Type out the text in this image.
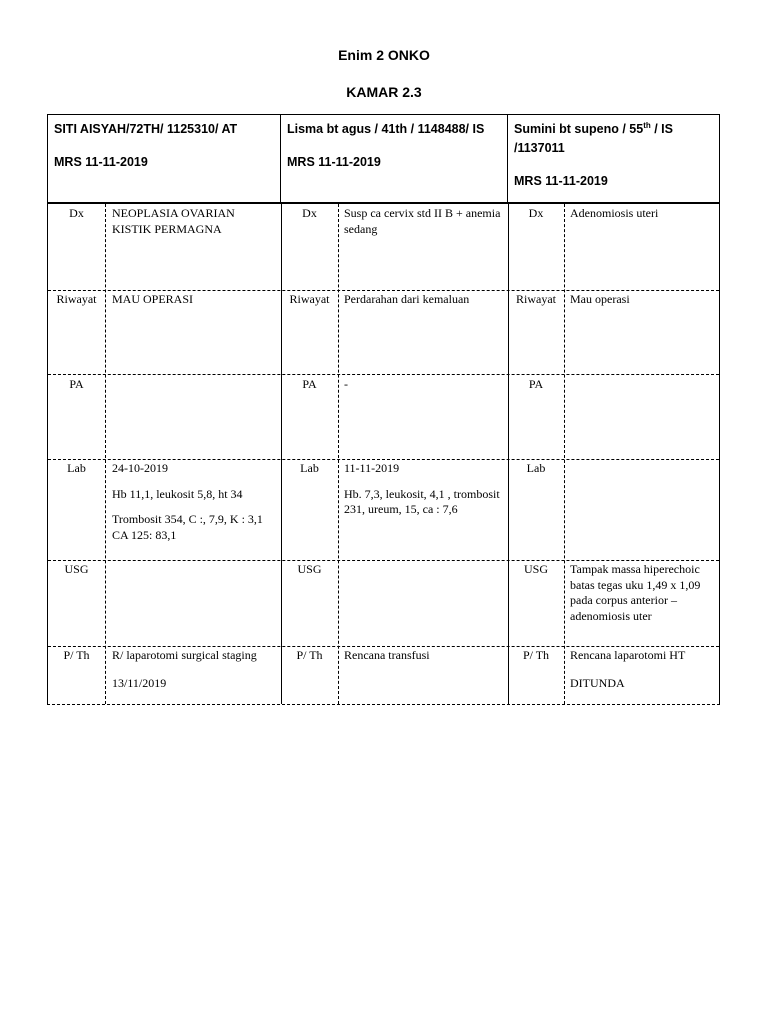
Enim 2 ONKO
KAMAR 2.3
SITI AISYAH/72TH/ 1125310/ AT
MRS 11-11-2019
Lisma bt agus / 41th / 1148488/ IS
MRS 11-11-2019
Sumini bt supeno / 55th / IS /1137011
MRS 11-11-2019
Dx	NEOPLASIA OVARIAN KISTIK PERMAGNA
Riwayat	MAU OPERASI
PA
Lab	24-10-2019

Hb 11,1, leukosit 5,8, ht 34

Trombosit 354, C :, 7,9, K : 3,1 CA 125: 83,1

USG
P/ Th	R/ laparotomi surgical staging

13/11/2019

Dx	Susp ca cervix std II B + anemia sedang
Riwayat	Perdarahan dari kemaluan
PA	-
Lab	11-11-2019

Hb. 7,3, leukosit, 4,1 , trombosit 231, ureum, 15, ca : 7,6

USG
P/ Th	Rencana transfusi
Dx	Adenomiosis uteri
Riwayat	Mau operasi
PA
Lab
USG	Tampak massa hiperechoic batas tegas uku 1,49 x 1,09 pada corpus anterior – adenomiosis uter
P/ Th	Rencana laparotomi HT

DITUNDA
